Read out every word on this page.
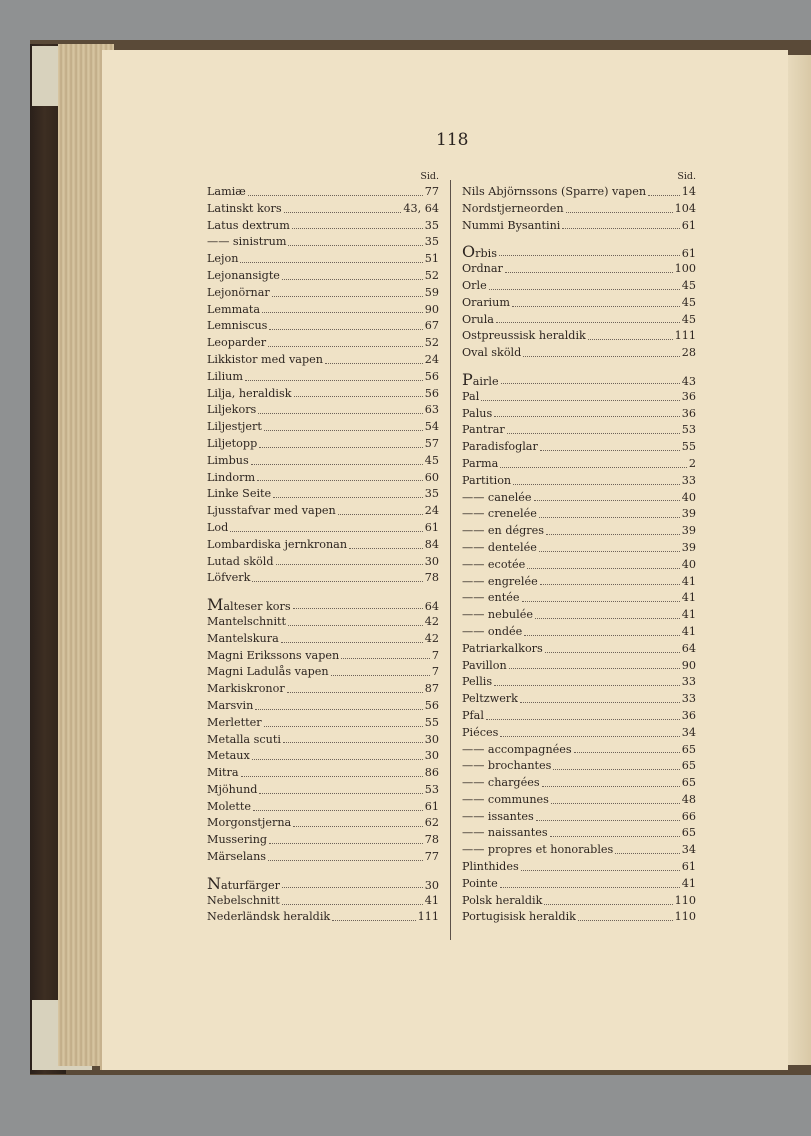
118
Sid.
Lamiæ	77
Latinskt kors	43, 64
Latus dextrum	35
—— sinistrum	35
Lejon	51
Lejonansigte	52
Lejonörnar	59
Lemmata	90
Lemniscus	67
Leoparder	52
Likkistor med vapen	24
Lilium	56
Lilja, heraldisk	56
Liljekors	63
Liljestjert	54
Liljetopp	57
Limbus	45
Lindorm	60
Linke Seite	35
Ljusstafvar med vapen	24
Lod	61
Lombardiska jernkronan	84
Lutad sköld	30
Löfverk	78
Malteser kors	64
Mantelschnitt	42
Mantelskura	42
Magni Erikssons vapen	7
Magni Ladulås vapen	7
Markiskronor	87
Marsvin	56
Merletter	55
Metalla scuti	30
Metaux	30
Mitra	86
Mjöhund	53
Molette	61
Morgonstjerna	62
Mussering	78
Märselans	77
Naturfärger	30
Nebelschnitt	41
Nederländsk heraldik	111
Sid.
Nils Abjörnssons (Sparre) vapen	14
Nordstjerneorden	104
Nummi Bysantini	61
Orbis	61
Ordnar	100
Orle	45
Orarium	45
Orula	45
Ostpreussisk heraldik	111
Oval sköld	28
Pairle	43
Pal	36
Palus	36
Pantrar	53
Paradisfoglar	55
Parma	2
Partition	33
—— canelée	40
—— crenelée	39
—— en dégres	39
—— dentelée	39
—— ecotée	40
—— engrelée	41
—— entée	41
—— nebulée	41
—— ondée	41
Patriarkalkors	64
Pavillon	90
Pellis	33
Peltzwerk	33
Pfal	36
Piéces	34
—— accompagnées	65
—— brochantes	65
—— chargées	65
—— communes	48
—— issantes	66
—— naissantes	65
—— propres et honorables	34
Plinthides	61
Pointe	41
Polsk heraldik	110
Portugisisk heraldik	110
